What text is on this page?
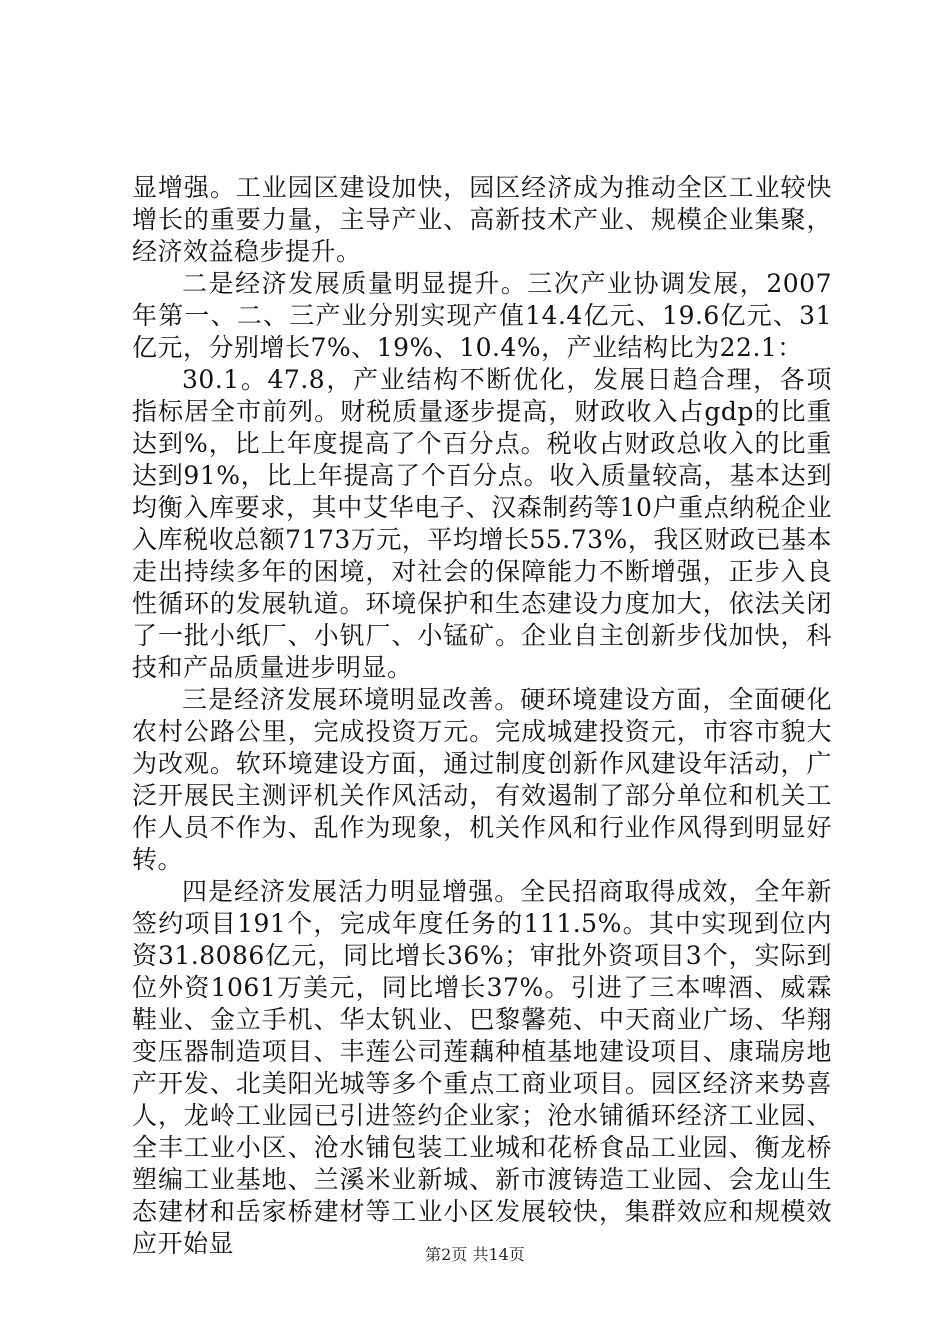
显增强。工业园区建设加快，园区经济成为推动全区工业较快增长的重要力量，主导产业、高新技术产业、规模企业集聚，经济效益稳步提升。

二是经济发展质量明显提升。三次产业协调发展，2007年第一、二、三产业分别实现产值14.4亿元、19.6亿元、31亿元，分别增长7%、19%、10.4%，产业结构比为22.1：

30.1。47.8，产业结构不断优化，发展日趋合理，各项指标居全市前列。财税质量逐步提高，财政收入占gdp的比重达到%，比上年度提高了个百分点。税收占财政总收入的比重达到91%，比上年提高了个百分点。收入质量较高，基本达到均衡入库要求，其中艾华电子、汉森制药等10户重点纳税企业入库税收总额7173万元，平均增长55.73%，我区财政已基本走出持续多年的困境，对社会的保障能力不断增强，正步入良性循环的发展轨道。环境保护和生态建设力度加大，依法关闭了一批小纸厂、小钒厂、小锰矿。企业自主创新步伐加快，科技和产品质量进步明显。

三是经济发展环境明显改善。硬环境建设方面，全面硬化农村公路公里，完成投资万元。完成城建投资元，市容市貌大为改观。软环境建设方面，通过制度创新作风建设年活动，广泛开展民主测评机关作风活动，有效遏制了部分单位和机关工作人员不作为、乱作为现象，机关作风和行业作风得到明显好转。

四是经济发展活力明显增强。全民招商取得成效，全年新签约项目191个，完成年度任务的111.5%。其中实现到位内资31.8086亿元，同比增长36%；审批外资项目3个，实际到位外资1061万美元，同比增长37%。引进了三本啤酒、威霖鞋业、金立手机、华太钒业、巴黎馨苑、中天商业广场、华翔变压器制造项目、丰莲公司莲藕种植基地建设项目、康瑞房地产开发、北美阳光城等多个重点工商业项目。园区经济来势喜人，龙岭工业园已引进签约企业家；沧水铺循环经济工业园、全丰工业小区、沧水铺包装工业城和花桥食品工业园、衡龙桥塑编工业基地、兰溪米业新城、新市渡铸造工业园、会龙山生态建材和岳家桥建材等工业小区发展较快，集群效应和规模效应开始显	第2页 共14页
